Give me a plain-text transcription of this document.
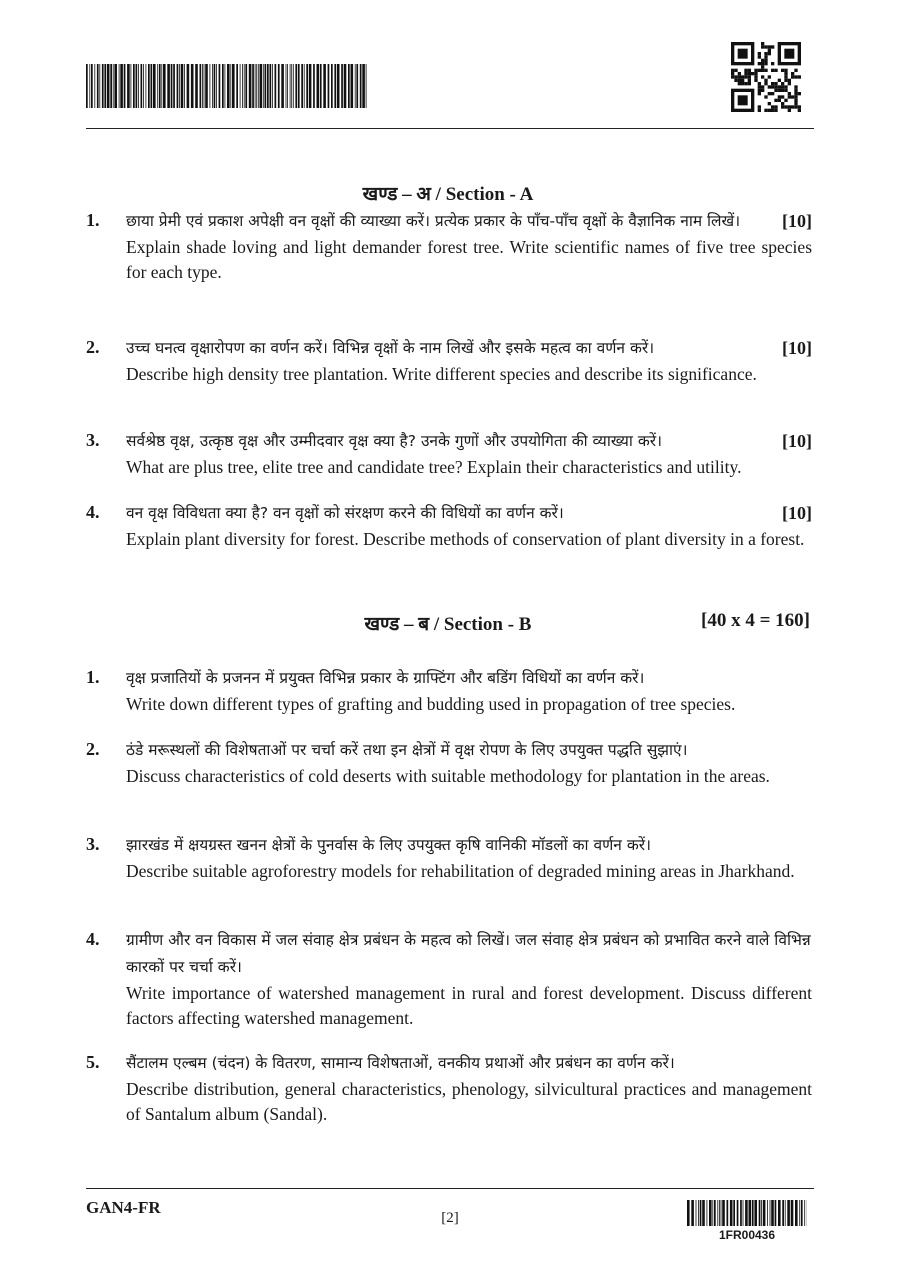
खण्ड – अ / Section - A
1. छाया प्रेमी एवं प्रकाश अपेक्षी वन वृक्षों की व्याख्या करें। प्रत्येक प्रकार के पाँच-पाँच वृक्षों के वैज्ञानिक नाम लिखें। [10]
Explain shade loving and light demander forest tree. Write scientific names of five tree species for each type.
2. उच्च घनत्व वृक्षारोपण का वर्णन करें। विभिन्न वृक्षों के नाम लिखें और इसके महत्व का वर्णन करें।	[10]
Describe high density tree plantation. Write different species and describe its significance.
3. सर्वश्रेष्ठ वृक्ष, उत्कृष्ठ वृक्ष और उम्मीदवार वृक्ष क्या है? उनके गुणों और उपयोगिता की व्याख्या करें।	[10]
What are plus tree, elite tree and candidate tree? Explain their characteristics and utility.
4. वन वृक्ष विविधता क्या है? वन वृक्षों को संरक्षण करने की विधियों का वर्णन करें।	[10]
Explain plant diversity for forest. Describe methods of conservation of plant diversity in a forest.
खण्ड – ब / Section - B	[40 x 4 = 160]
1. वृक्ष प्रजातियों के प्रजनन में प्रयुक्त विभिन्न प्रकार के ग्राफ्टिंग और बडिंग विधियों का वर्णन करें।
Write down different types of grafting and budding used in propagation of tree species.
2. ठंडे मरूस्थलों की विशेषताओं पर चर्चा करें तथा इन क्षेत्रों में वृक्ष रोपण के लिए उपयुक्त पद्धति सुझाएं।
Discuss characteristics of cold deserts with suitable methodology for plantation in the areas.
3. झारखंड में क्षयग्रस्त खनन क्षेत्रों के पुनर्वास के लिए उपयुक्त कृषि वानिकी मॉडलों का वर्णन करें।
Describe suitable agroforestry models for rehabilitation of degraded mining areas in Jharkhand.
4. ग्रामीण और वन विकास में जल संवाह क्षेत्र प्रबंधन के महत्व को लिखें। जल संवाह क्षेत्र प्रबंधन को प्रभावित करने वाले विभिन्न कारकों पर चर्चा करें।
Write importance of watershed management in rural and forest development. Discuss different factors affecting watershed management.
5. सैंटालम एल्बम (चंदन) के वितरण, सामान्य विशेषताओं, वनकीय प्रथाओं और प्रबंधन का वर्णन करें।
Describe distribution, general characteristics, phenology, silvicultural practices and management of Santalum album (Sandal).
GAN4-FR
[2]
1FR00436
